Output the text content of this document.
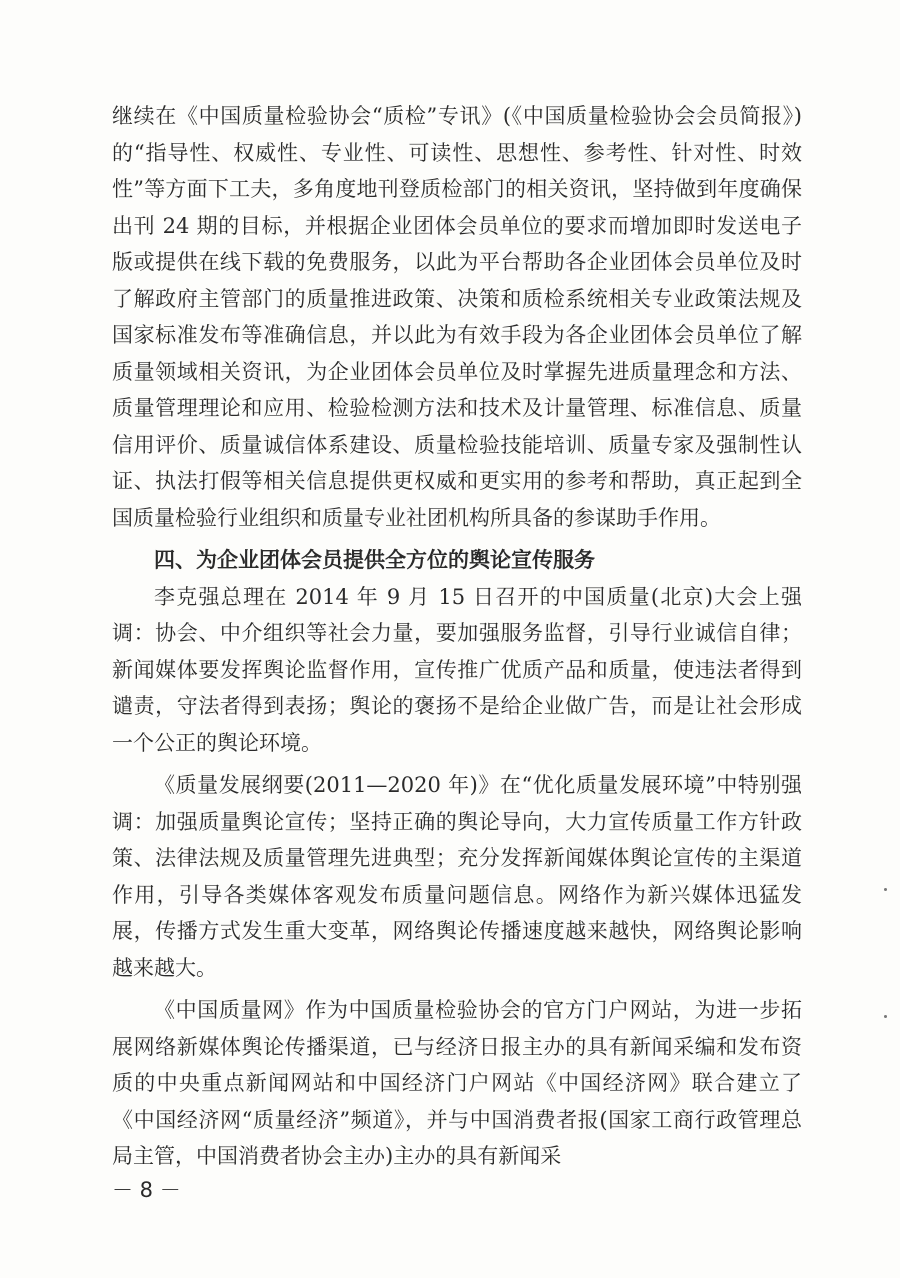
继续在《中国质量检验协会“质检”专讯》(《中国质量检验协会会员简报》)的“指导性、权威性、专业性、可读性、思想性、参考性、针对性、时效性”等方面下工夫，多角度地刊登质检部门的相关资讯，坚持做到年度确保出刊 24 期的目标，并根据企业团体会员单位的要求而增加即时发送电子版或提供在线下载的免费服务，以此为平台帮助各企业团体会员单位及时了解政府主管部门的质量推进政策、决策和质检系统相关专业政策法规及国家标准发布等准确信息，并以此为有效手段为各企业团体会员单位了解质量领域相关资讯，为企业团体会员单位及时掌握先进质量理念和方法、质量管理理论和应用、检验检测方法和技术及计量管理、标准信息、质量信用评价、质量诚信体系建设、质量检验技能培训、质量专家及强制性认证、执法打假等相关信息提供更权威和更实用的参考和帮助，真正起到全国质量检验行业组织和质量专业社团机构所具备的参谋助手作用。

四、为企业团体会员提供全方位的舆论宣传服务

李克强总理在 2014 年 9 月 15 日召开的中国质量(北京)大会上强调：协会、中介组织等社会力量，要加强服务监督，引导行业诚信自律；新闻媒体要发挥舆论监督作用，宣传推广优质产品和质量，使违法者得到谴责，守法者得到表扬；舆论的褒扬不是给企业做广告，而是让社会形成一个公正的舆论环境。

《质量发展纲要(2011—2020 年)》在“优化质量发展环境”中特别强调：加强质量舆论宣传；坚持正确的舆论导向，大力宣传质量工作方针政策、法律法规及质量管理先进典型；充分发挥新闻媒体舆论宣传的主渠道作用，引导各类媒体客观发布质量问题信息。网络作为新兴媒体迅猛发展，传播方式发生重大变革，网络舆论传播速度越来越快，网络舆论影响越来越大。

《中国质量网》作为中国质量检验协会的官方门户网站，为进一步拓展网络新媒体舆论传播渠道，已与经济日报主办的具有新闻采编和发布资质的中央重点新闻网站和中国经济门户网站《中国经济网》联合建立了《中国经济网“质量经济”频道》，并与中国消费者报(国家工商行政管理总局主管，中国消费者协会主办)主办的具有新闻采

－ 8 －
